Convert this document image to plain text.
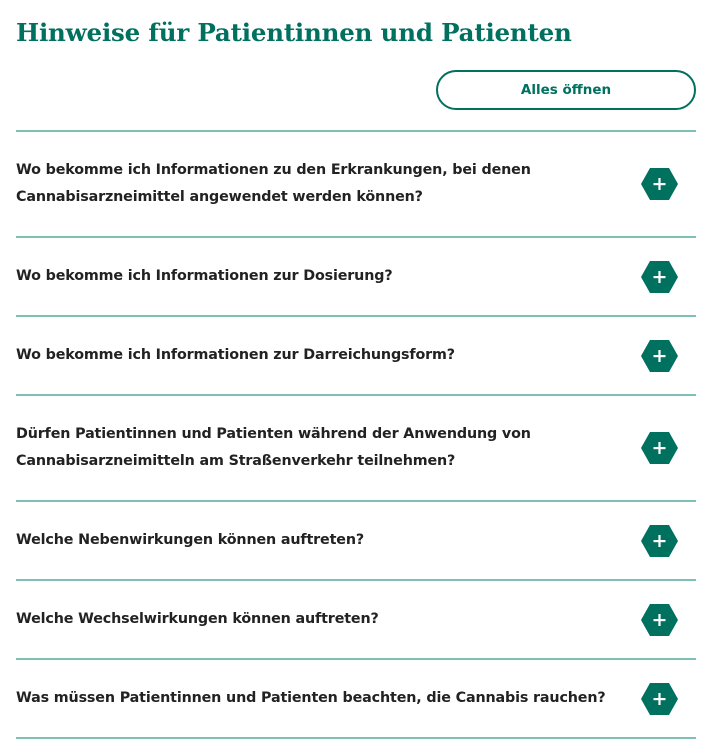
Hinweise für Patientinnen und Patienten
Alles öffnen
Wo bekomme ich Informationen zu den Erkrankungen, bei denen
Cannabisarzneimittel angewendet werden können?
Wo bekomme ich Informationen zur Dosierung?
Wo bekomme ich Informationen zur Darreichungsform?
Dürfen Patientinnen und Patienten während der Anwendung von
Cannabisarzneimitteln am Straßenverkehr teilnehmen?
Welche Nebenwirkungen können auftreten?
Welche Wechselwirkungen können auftreten?
Was müssen Patientinnen und Patienten beachten, die Cannabis rauchen?
